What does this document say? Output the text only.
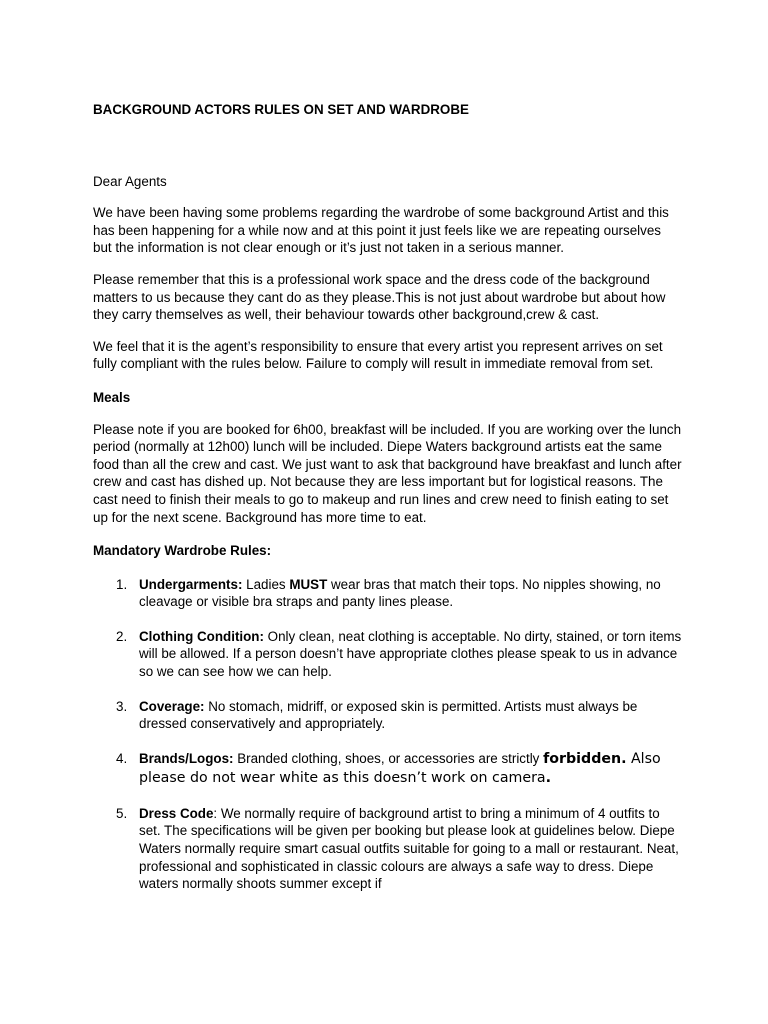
BACKGROUND ACTORS RULES ON SET AND WARDROBE

Dear Agents

We have been having some problems regarding the wardrobe of some background Artist and this has been happening for a while now and at this point it just feels like we are repeating ourselves but the information is not clear enough or it’s just not taken in a serious manner.

Please remember that this is a professional work space and the dress code of the background matters to us because they cant do as they please.This is not just about wardrobe but about how they carry themselves as well, their behaviour towards other background,crew & cast.

We feel that it is the agent’s responsibility to ensure that every artist you represent arrives on set fully compliant with the rules below. Failure to comply will result in immediate removal from set.

Meals

Please note if you are booked for 6h00, breakfast will be included. If you are working over the lunch period (normally at 12h00) lunch will be included. Diepe Waters background artists eat the same food than all the crew and cast. We just want to ask that background have breakfast and lunch after crew and cast has dished up. Not because they are less important but for logistical reasons. The cast need to finish their meals to go to makeup and run lines and crew need to finish eating to set up for the next scene. Background has more time to eat.

Mandatory Wardrobe Rules:

1. Undergarments: Ladies MUST wear bras that match their tops. No nipples showing, no cleavage or visible bra straps and panty lines please.
2. Clothing Condition: Only clean, neat clothing is acceptable. No dirty, stained, or torn items will be allowed. If a person doesn’t have appropriate clothes please speak to us in advance so we can see how we can help.
3. Coverage: No stomach, midriff, or exposed skin is permitted. Artists must always be dressed conservatively and appropriately.
4. Brands/Logos: Branded clothing, shoes, or accessories are strictly forbidden. Also please do not wear white as this doesn’t work on camera.
5. Dress Code: We normally require of background artist to bring a minimum of 4 outfits to set. The specifications will be given per booking but please look at guidelines below. Diepe Waters normally require smart casual outfits suitable for going to a mall or restaurant. Neat, professional and sophisticated in classic colours are always a safe way to dress. Diepe waters normally shoots summer except if
